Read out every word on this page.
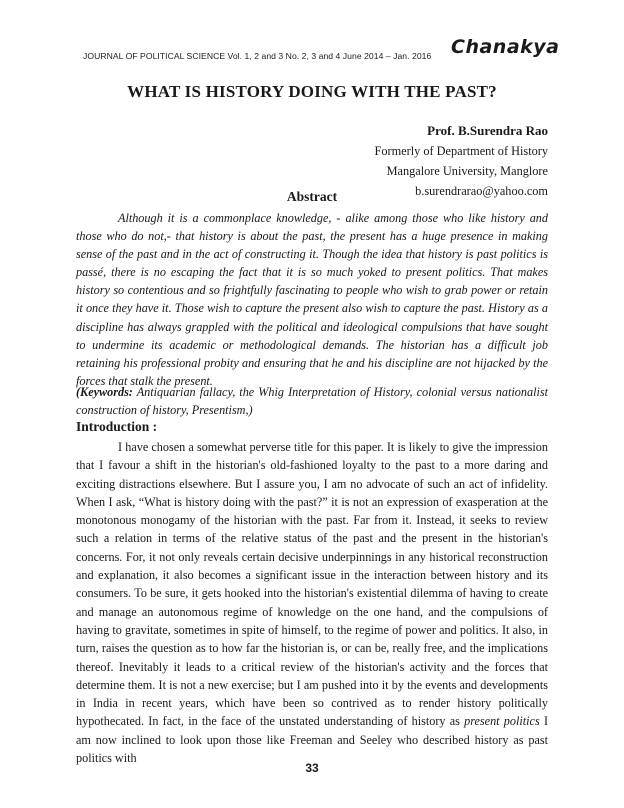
JOURNAL OF POLITICAL SCIENCE Vol. 1, 2 and 3 No. 2, 3 and 4 June 2014 – Jan. 2016 Chanakya
WHAT IS HISTORY DOING WITH THE PAST?
Prof. B.Surendra Rao
Formerly of Department of History
Mangalore University, Manglore
b.surendrarao@yahoo.com
Abstract

Although it is a commonplace knowledge, - alike among those who like history and those who do not,- that history is about the past, the present has a huge presence in making sense of the past and in the act of constructing it. Though the idea that history is past politics is passé, there is no escaping the fact that it is so much yoked to present politics. That makes history so contentious and so frightfully fascinating to people who wish to grab power or retain it once they have it. Those wish to capture the present also wish to capture the past. History as a discipline has always grappled with the political and ideological compulsions that have sought to undermine its academic or methodological demands. The historian has a difficult job retaining his professional probity and ensuring that he and his discipline are not hijacked by the forces that stalk the present.

(Keywords: Antiquarian fallacy, the Whig Interpretation of History, colonial versus nationalist construction of history, Presentism,)

Introduction :

I have chosen a somewhat perverse title for this paper. It is likely to give the impression that I favour a shift in the historian's old-fashioned loyalty to the past to a more daring and exciting distractions elsewhere. But I assure you, I am no advocate of such an act of infidelity. When I ask, “What is history doing with the past?” it is not an expression of exasperation at the monotonous monogamy of the historian with the past. Far from it. Instead, it seeks to review such a relation in terms of the relative status of the past and the present in the historian's concerns. For, it not only reveals certain decisive underpinnings in any historical reconstruction and explanation, it also becomes a significant issue in the interaction between history and its consumers. To be sure, it gets hooked into the historian's existential dilemma of having to create and manage an autonomous regime of knowledge on the one hand, and the compulsions of having to gravitate, sometimes in spite of himself, to the regime of power and politics. It also, in turn, raises the question as to how far the historian is, or can be, really free, and the implications thereof. Inevitably it leads to a critical review of the historian's activity and the forces that determine them. It is not a new exercise; but I am pushed into it by the events and developments in India in recent years, which have been so contrived as to render history politically hypothecated. In fact, in the face of the unstated understanding of history as present politics I am now inclined to look upon those like Freeman and Seeley who described history as past politics with

33
